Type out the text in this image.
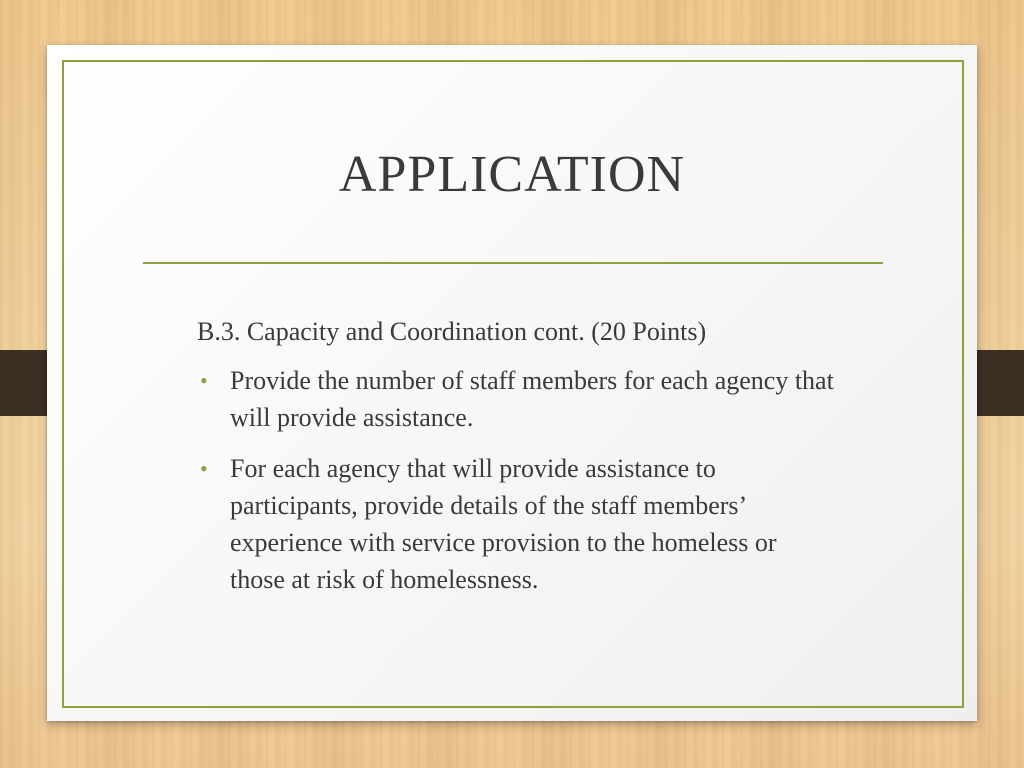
APPLICATION
B.3. Capacity and Coordination cont. (20 Points)
• Provide the number of staff members for each agency that will provide assistance.
• For each agency that will provide assistance to participants, provide details of the staff members’ experience with service provision to the homeless or those at risk of homelessness.
